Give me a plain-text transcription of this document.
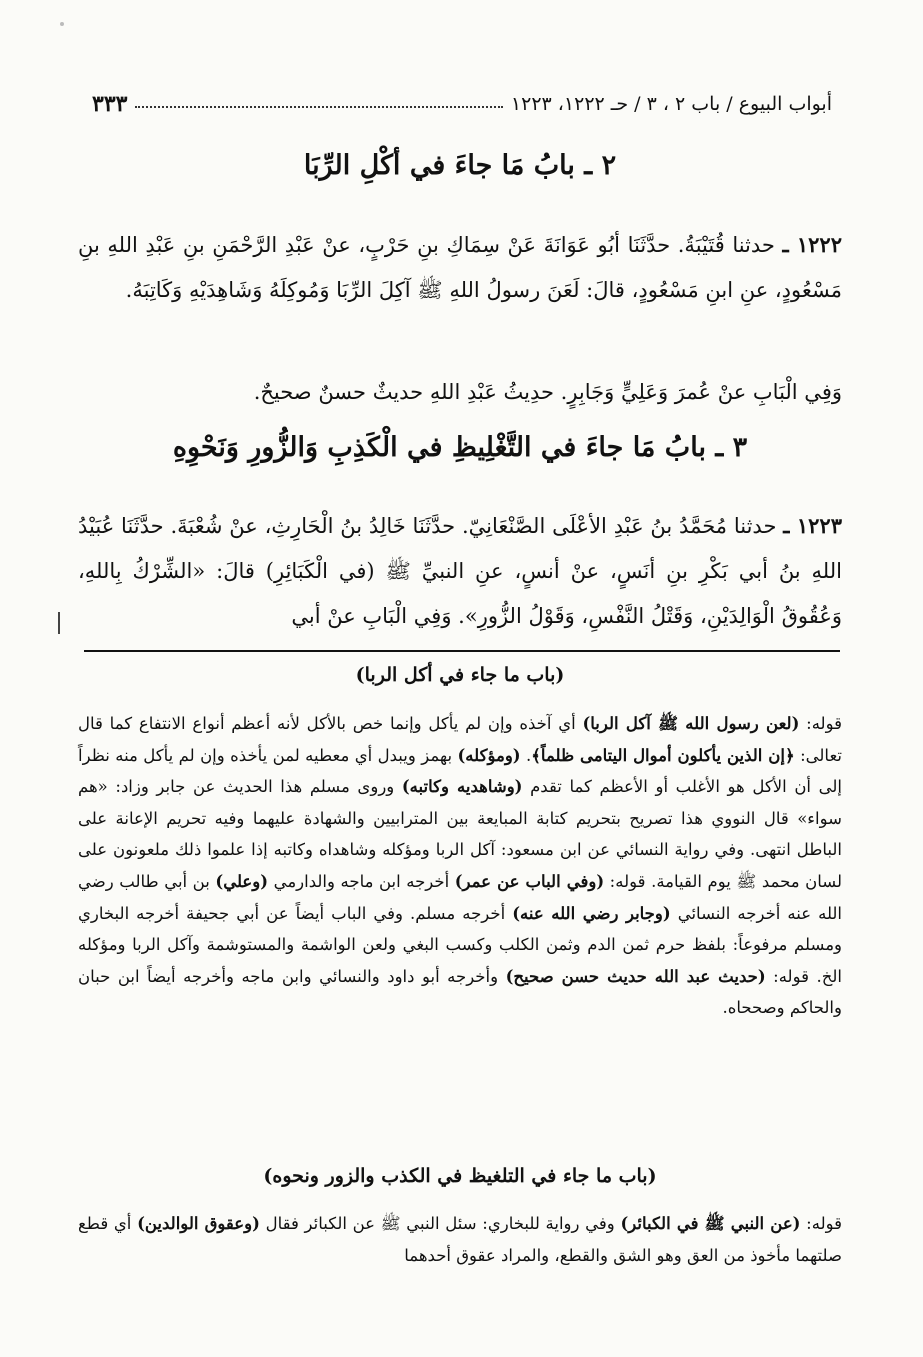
أبواب البيوع / باب ٢ ، ٣ / حـ ١٢٢٢، ١٢٢٣
٣٣٣
٢ ـ بابُ مَا جاءَ في أكْلِ الرِّبَا
١٢٢٢ ـ حدثنا قُتَيْبَةُ. حدَّثَنَا أبُو عَوَانَةَ عَنْ سِمَاكِ بنِ حَرْبٍ، عنْ عَبْدِ الرَّحْمَنِ بنِ عَبْدِ اللهِ بنِ مَسْعُودٍ، عنِ ابنِ مَسْعُودٍ، قالَ: لَعَنَ رسولُ اللهِ ﷺ آكِلَ الرِّبَا وَمُوكِلَهُ وَشَاهِدَيْهِ وَكَاتِبَهُ.
وَفِي الْبَابِ عنْ عُمرَ وَعَلِيٍّ وَجَابِرٍ. حدِيثُ عَبْدِ اللهِ حديثٌ حسنٌ صحيحٌ.
٣ ـ بابُ مَا جاءَ في التَّغْلِيظِ في الْكَذِبِ وَالزُّورِ وَنَحْوِهِ
١٢٢٣ ـ حدثنا مُحَمَّدُ بنُ عَبْدِ الأعْلَى الصَّنْعَانِيّ. حدَّثَنَا خَالِدُ بنُ الْحَارِثِ، عنْ شُعْبَةَ. حدَّثَنَا عُبَيْدُ اللهِ بنُ أبي بَكْرِ بنِ أنَسٍ، عنْ أنسٍ، عنِ النبيِّ ﷺ (في الْكَبَائِرِ) قالَ: «الشِّرْكُ بِاللهِ، وَعُقُوقُ الْوَالِدَيْنِ، وَقَتْلُ النَّفْسِ، وَقَوْلُ الزُّورِ». وَفِي الْبَابِ عنْ أبي
(باب ما جاء في أكل الربا)
قوله: (لعن رسول الله ﷺ آكل الربا) أي آخذه وإن لم يأكل وإنما خص بالأكل لأنه أعظم أنواع الانتفاع كما قال تعالى: ﴿إن الذين يأكلون أموال اليتامى ظلماً﴾. (ومؤكله) بهمز ويبدل أي معطيه لمن يأخذه وإن لم يأكل منه نظراً إلى أن الأكل هو الأغلب أو الأعظم كما تقدم (وشاهديه وكاتبه) وروى مسلم هذا الحديث عن جابر وزاد: «هم سواء» قال النووي هذا تصريح بتحريم كتابة المبايعة بين المترابيين والشهادة عليهما وفيه تحريم الإعانة على الباطل انتهى. وفي رواية النسائي عن ابن مسعود: آكل الربا ومؤكله وشاهداه وكاتبه إذا علموا ذلك ملعونون على لسان محمد ﷺ يوم القيامة. قوله: (وفي الباب عن عمر) أخرجه ابن ماجه والدارمي (وعلي) بن أبي طالب رضي الله عنه أخرجه النسائي (وجابر رضي الله عنه) أخرجه مسلم. وفي الباب أيضاً عن أبي جحيفة أخرجه البخاري ومسلم مرفوعاً: بلفظ حرم ثمن الدم وثمن الكلب وكسب البغي ولعن الواشمة والمستوشمة وآكل الربا ومؤكله الخ. قوله: (حديث عبد الله حديث حسن صحيح) وأخرجه أبو داود والنسائي وابن ماجه وأخرجه أيضاً ابن حبان والحاكم وصححاه.
(باب ما جاء في التلغيظ في الكذب والزور ونحوه)
قوله: (عن النبي ﷺ في الكبائر) وفي رواية للبخاري: سئل النبي ﷺ عن الكبائر فقال (وعقوق الوالدين) أي قطع صلتهما مأخوذ من العق وهو الشق والقطع، والمراد عقوق أحدهما
